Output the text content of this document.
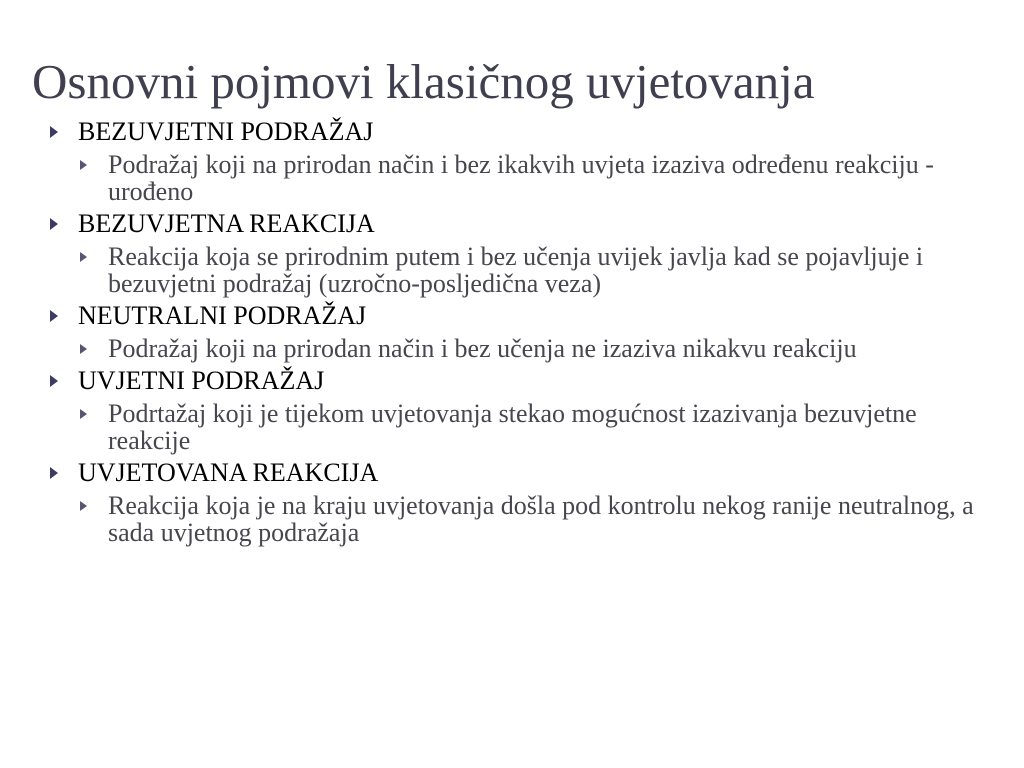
Osnovni pojmovi klasičnog uvjetovanja
BEZUVJETNI PODRAŽAJ
Podražaj koji na prirodan način i bez ikakvih uvjeta izaziva određenu reakciju - urođeno
BEZUVJETNA REAKCIJA
Reakcija koja se prirodnim putem i bez učenja uvijek javlja kad se pojavljuje i bezuvjetni podražaj (uzročno-posljedična veza)
NEUTRALNI PODRAŽAJ
Podražaj koji na prirodan način i bez učenja ne izaziva nikakvu reakciju
UVJETNI PODRAŽAJ
Podrtažaj koji je tijekom uvjetovanja stekao mogućnost izazivanja bezuvjetne reakcije
UVJETOVANA REAKCIJA
Reakcija koja je na kraju uvjetovanja došla pod kontrolu nekog ranije neutralnog, a sada uvjetnog podražaja
